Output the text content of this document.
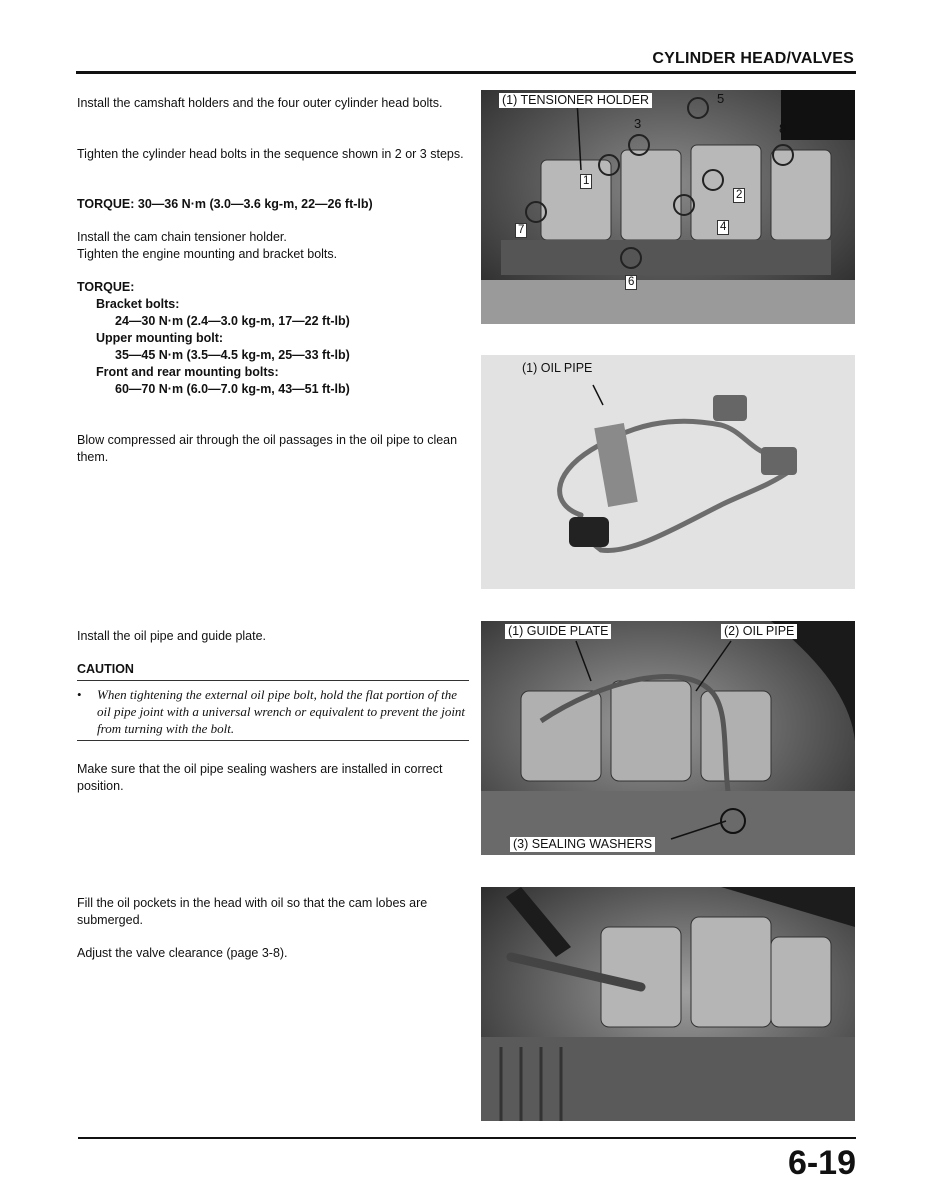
CYLINDER HEAD/VALVES
Install the camshaft holders and the four outer cylinder head bolts.
Tighten the cylinder head bolts in the sequence shown in 2 or 3 steps.
TORQUE: 30—36 N·m (3.0—3.6 kg-m, 22—26 ft-lb)
Install the cam chain tensioner holder.
Tighten the engine mounting and bracket bolts.
TORQUE:
Bracket bolts:
24—30 N·m (2.4—3.0 kg-m, 17—22 ft-lb)
Upper mounting bolt:
35—45 N·m (3.5—4.5 kg-m, 25—33 ft-lb)
Front and rear mounting bolts:
60—70 N·m (6.0—7.0 kg-m, 43—51 ft-lb)
Blow compressed air through the oil passages in the oil pipe to clean them.
Install the oil pipe and guide plate.
CAUTION
•	When tightening the external oil pipe bolt, hold the flat portion of the oil pipe joint with a universal wrench or equivalent to prevent the joint from turning with the bolt.
Make sure that the oil pipe sealing washers are installed in correct position.
Fill the oil pockets in the head with oil so that the cam lobes are submerged.
Adjust the valve clearance (page 3-8).
(1) TENSIONER HOLDER
1
2
3
4
5
6
7
8
(1) OIL PIPE
(1) GUIDE PLATE	(2) OIL PIPE
(3) SEALING WASHERS
6-19
